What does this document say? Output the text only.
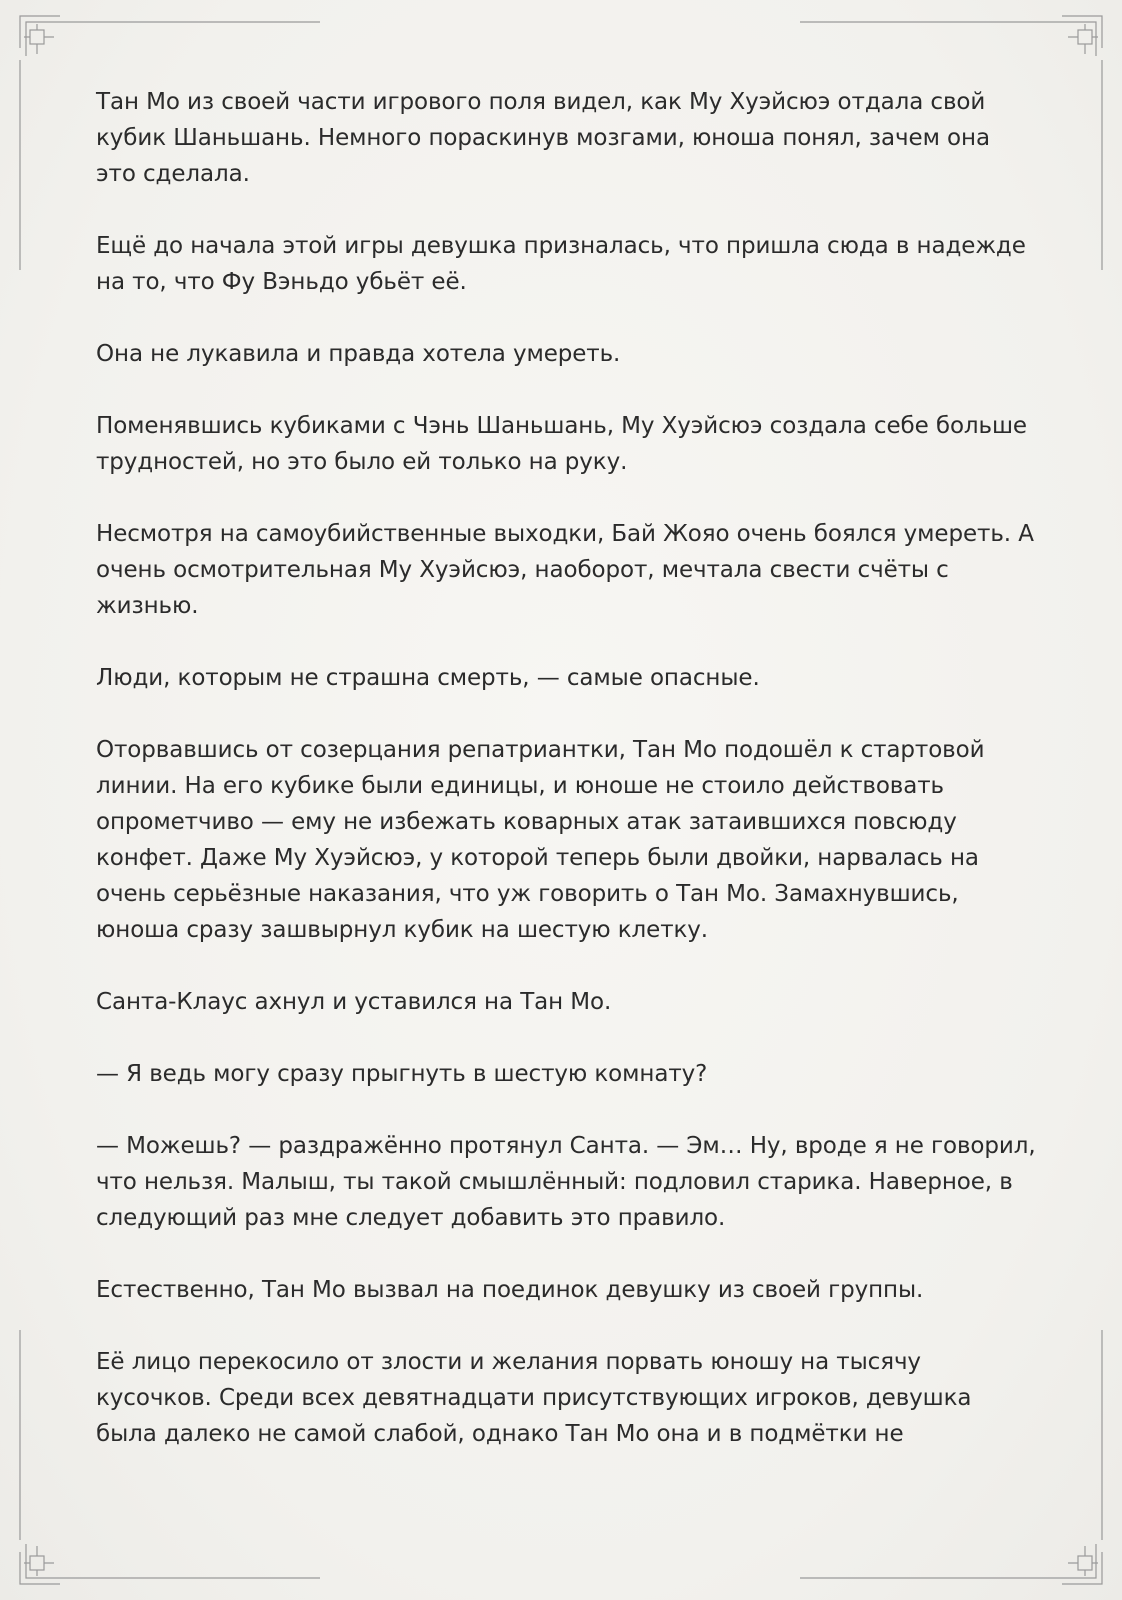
Тан Мо из своей части игрового поля видел, как Му Хуэйсюэ отдала свой кубик Шаньшань. Немного пораскинув мозгами, юноша понял, зачем она это сделала.

Ещё до начала этой игры девушка призналась, что пришла сюда в надежде на то, что Фу Вэньдо убьёт её.

Она не лукавила и правда хотела умереть.

Поменявшись кубиками с Чэнь Шаньшань, Му Хуэйсюэ создала себе больше трудностей, но это было ей только на руку.

Несмотря на самоубийственные выходки, Бай Жояо очень боялся умереть. А очень осмотрительная Му Хуэйсюэ, наоборот, мечтала свести счёты с жизнью.

Люди, которым не страшна смерть, — самые опасные.

Оторвавшись от созерцания репатриантки, Тан Мо подошёл к стартовой линии. На его кубике были единицы, и юноше не стоило действовать опрометчиво — ему не избежать коварных атак затаившихся повсюду конфет. Даже Му Хуэйсюэ, у которой теперь были двойки, нарвалась на очень серьёзные наказания, что уж говорить о Тан Мо. Замахнувшись, юноша сразу зашвырнул кубик на шестую клетку.

Санта-Клаус ахнул и уставился на Тан Мо.

— Я ведь могу сразу прыгнуть в шестую комнату?

— Можешь? — раздражённо протянул Санта. — Эм… Ну, вроде я не говорил, что нельзя. Малыш, ты такой смышлённый: подловил старика. Наверное, в следующий раз мне следует добавить это правило.

Естественно, Тан Мо вызвал на поединок девушку из своей группы.

Её лицо перекосило от злости и желания порвать юношу на тысячу кусочков. Среди всех девятнадцати присутствующих игроков, девушка была далеко не самой слабой, однако Тан Мо она и в подмётки не
